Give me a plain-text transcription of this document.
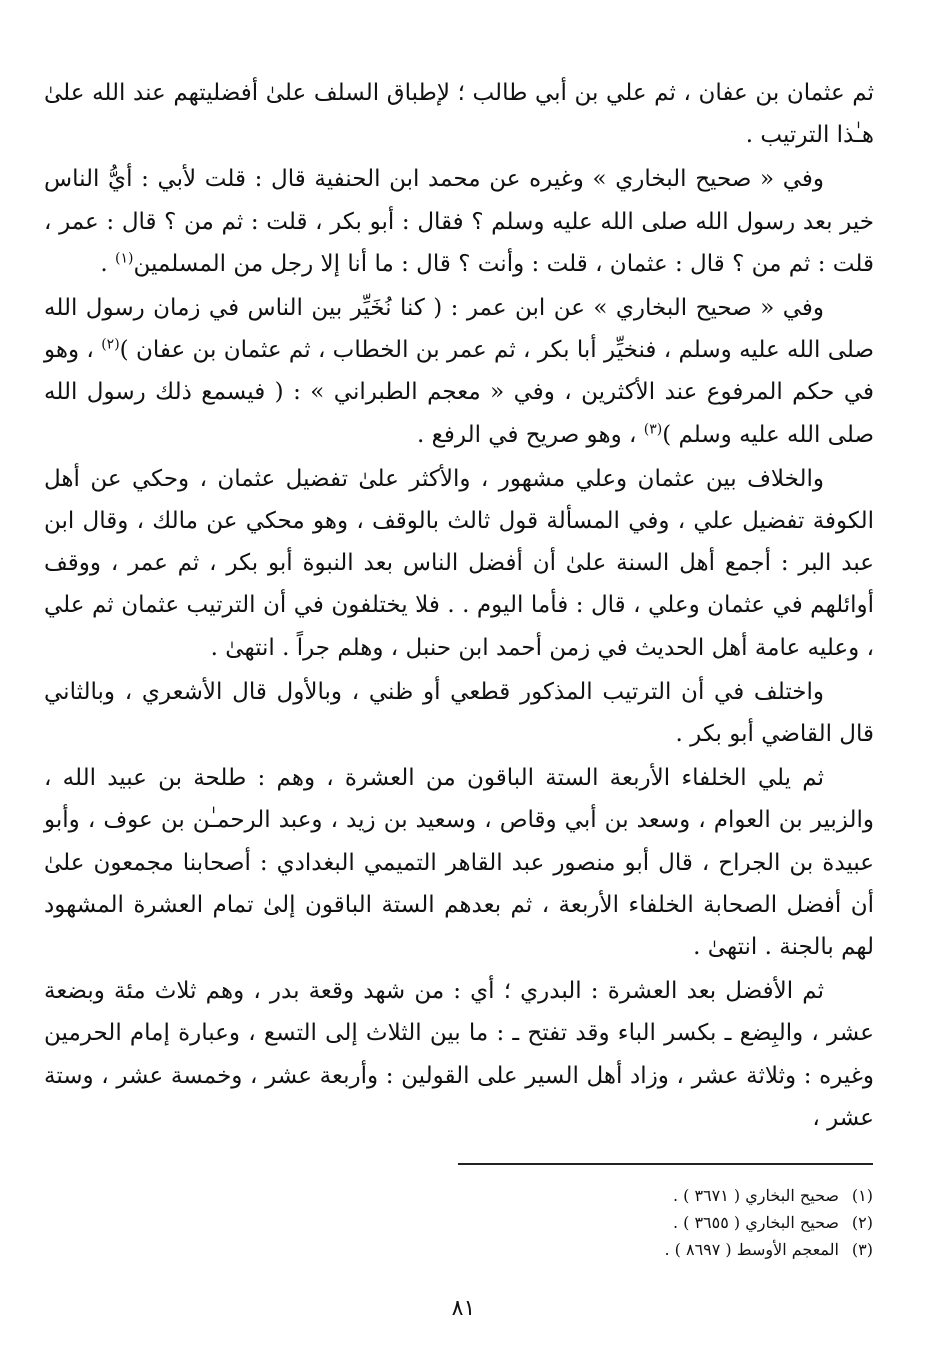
ثم عثمان بن عفان ، ثم علي بن أبي طالب ؛ لإطباق السلف علىٰ أفضليتهم عند الله علىٰ هـٰذا الترتيب .

وفي « صحيح البخاري » وغيره عن محمد ابن الحنفية قال : قلت لأبي : أيُّ الناس خير بعد رسول الله صلى الله عليه وسلم ؟ فقال : أبو بكر ، قلت : ثم من ؟ قال : عمر ، قلت : ثم من ؟ قال : عثمان ، قلت : وأنت ؟ قال : ما أنا إلا رجل من المسلمين$^{(١)}$ .

وفي « صحيح البخاري » عن ابن عمر : ( كنا نُخَيِّر بين الناس في زمان رسول الله صلى الله عليه وسلم ، فنخيِّر أبا بكر ، ثم عمر بن الخطاب ، ثم عثمان بن عفان )$^{(٢)}$ ، وهو في حكم المرفوع عند الأكثرين ، وفي « معجم الطبراني » : ( فيسمع ذلك رسول الله صلى الله عليه وسلم )$^{(٣)}$ ، وهو صريح في الرفع .

والخلاف بين عثمان وعلي مشهور ، والأكثر علىٰ تفضيل عثمان ، وحكي عن أهل الكوفة تفضيل علي ، وفي المسألة قول ثالث بالوقف ، وهو محكي عن مالك ، وقال ابن عبد البر : أجمع أهل السنة علىٰ أن أفضل الناس بعد النبوة أبو بكر ، ثم عمر ، ووقف أوائلهم في عثمان وعلي ، قال : فأما اليوم . . فلا يختلفون في أن الترتيب عثمان ثم علي ، وعليه عامة أهل الحديث في زمن أحمد ابن حنبل ، وهلم جراً . انتهىٰ .

واختلف في أن الترتيب المذكور قطعي أو ظني ، وبالأول قال الأشعري ، وبالثاني قال القاضي أبو بكر .

ثم يلي الخلفاء الأربعة الستة الباقون من العشرة ، وهم : طلحة بن عبيد الله ، والزبير بن العوام ، وسعد بن أبي وقاص ، وسعيد بن زيد ، وعبد الرحمـٰن بن عوف ، وأبو عبيدة بن الجراح ، قال أبو منصور عبد القاهر التميمي البغدادي : أصحابنا مجمعون علىٰ أن أفضل الصحابة الخلفاء الأربعة ، ثم بعدهم الستة الباقون إلىٰ تمام العشرة المشهود لهم بالجنة . انتهىٰ .

ثم الأفضل بعد العشرة : البدري ؛ أي : من شهد وقعة بدر ، وهم ثلاث مئة وبضعة عشر ، والبِضع ـ بكسر الباء وقد تفتح ـ : ما بين الثلاث إلى التسع ، وعبارة إمام الحرمين وغيره : وثلاثة عشر ، وزاد أهل السير على القولين : وأربعة عشر ، وخمسة عشر ، وستة عشر ،

(١)صحيح البخاري ( ٣٦٧١ ) .

(٢)صحيح البخاري ( ٣٦٥٥ ) .

(٣)المعجم الأوسط ( ٨٦٩٧ ) .

٨١
